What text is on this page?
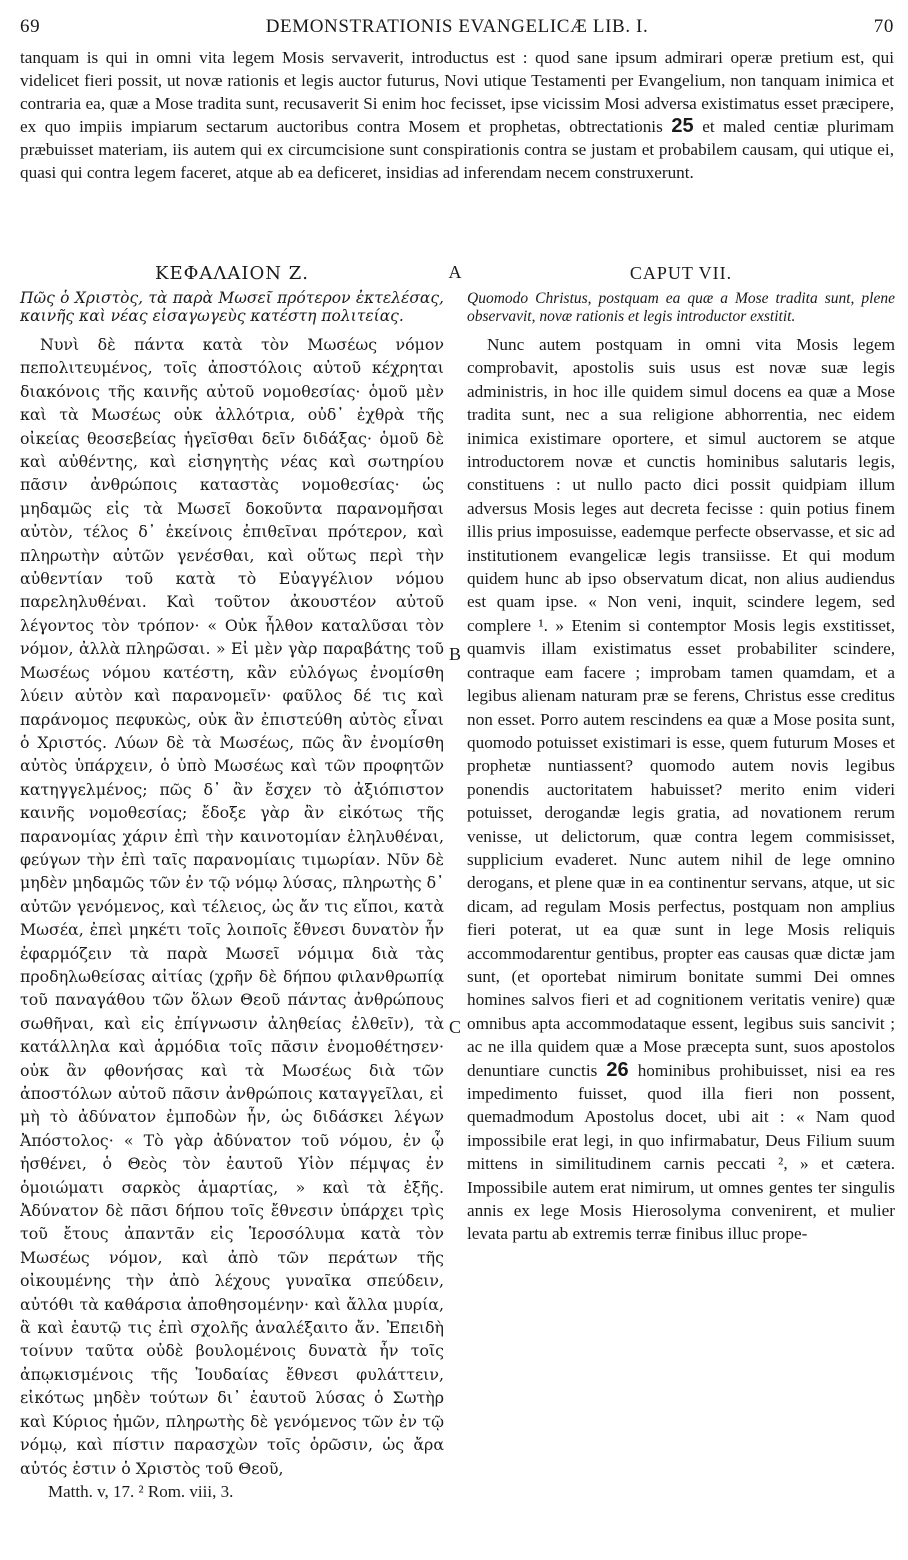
69	DEMONSTRATIONIS EVANGELICÆ LIB. I.	70

tanquam is qui in omni vita legem Mosis servaverit, introductus est : quod sane ipsum admirari operæ pretium est, qui videlicet fieri possit, ut novæ rationis et legis auctor futurus, Novi utique Testamenti per Evangelium, non tanquam inimica et contraria ea, quæ a Mose tradita sunt, recusaverit Si enim hoc fecisset, ipse vicissim Mosi adversa existimatus esset præcipere, ex quo impiis impiarum sectarum auctoribus contra Mosem et prophetas, obtrectationis 25 et maled centiæ plurimam præbuisset materiam, iis autem qui ex circumcisione sunt conspirationis contra se justam et probabilem causam, qui utique ei, quasi qui contra legem faceret, atque ab ea deficeret, insidias ad inferendam necem construxerunt.

ΚΕΦΑΛΑΙΟΝ Ζ.
Πῶς ὁ Χριστὸς, τὰ παρὰ Μωσεῖ πρότερον ἐκτελέσας, καινῆς καὶ νέας εἰσαγωγεὺς κατέστη πολιτείας.

Νυνὶ δὲ πάντα κατὰ τὸν Μωσέως νόμον πεπολιτευμένος, τοῖς ἀποστόλοις αὐτοῦ κέχρηται διακόνοις τῆς καινῆς αὐτοῦ νομοθεσίας· ὁμοῦ μὲν καὶ τὰ Μωσέως οὐκ ἀλλότρια, οὐδ᾽ ἐχθρὰ τῆς οἰκείας θεοσεβείας ἡγεῖσθαι δεῖν διδάξας· ὁμοῦ δὲ καὶ αὐθέντης, καὶ εἰσηγητὴς νέας καὶ σωτηρίου πᾶσιν ἀνθρώποις καταστὰς νομοθεσίας· ὡς μηδαμῶς εἰς τὰ Μωσεῖ δοκοῦντα παρανομῆσαι αὐτὸν, τέλος δ᾽ ἐκείνοις ἐπιθεῖναι πρότερον, καὶ πληρωτὴν αὐτῶν γενέσθαι, καὶ οὕτως περὶ τὴν αὐθεντίαν τοῦ κατὰ τὸ Εὐαγγέλιον νόμου παρεληλυθέναι. Καὶ τοῦτον ἀκουστέον αὐτοῦ λέγοντος τὸν τρόπον· « Οὐκ ἦλθον καταλῦσαι τὸν νόμον, ἀλλὰ πληρῶσαι. » Εἰ μὲν γὰρ παραβάτης τοῦ Μωσέως νόμου κατέστη, κἂν εὐλόγως ἐνομίσθη λύειν αὐτὸν καὶ παρανομεῖν· φαῦλος δέ τις καὶ παράνομος πεφυκὼς, οὐκ ἂν ἐπιστεύθη αὐτὸς εἶναι ὁ Χριστός. Λύων δὲ τὰ Μωσέως, πῶς ἂν ἐνομίσθη αὐτὸς ὑπάρχειν, ὁ ὑπὸ Μωσέως καὶ τῶν προφητῶν κατηγγελμένος; πῶς δ᾽ ἂν ἔσχεν τὸ ἀξιόπιστον καινῆς νομοθεσίας; ἔδοξε γὰρ ἂν εἰκότως τῆς παρανομίας χάριν ἐπὶ τὴν καινοτομίαν ἐληλυθέναι, φεύγων τὴν ἐπὶ ταῖς παρανομίαις τιμωρίαν. Νῦν δὲ μηδὲν μηδαμῶς τῶν ἐν τῷ νόμῳ λύσας, πληρωτὴς δ᾽ αὐτῶν γενόμενος, καὶ τέλειος, ὡς ἄν τις εἴποι, κατὰ Μωσέα, ἐπεὶ μηκέτι τοῖς λοιποῖς ἔθνεσι δυνατὸν ἦν ἐφαρμόζειν τὰ παρὰ Μωσεῖ νόμιμα διὰ τὰς προδηλωθείσας αἰτίας (χρῆν δὲ δήπου φιλανθρωπίᾳ τοῦ παναγάθου τῶν ὅλων Θεοῦ πάντας ἀνθρώπους σωθῆναι, καὶ εἰς ἐπίγνωσιν ἀληθείας ἐλθεῖν), τὰ κατάλληλα καὶ ἁρμόδια τοῖς πᾶσιν ἐνομοθέτησεν· οὐκ ἂν φθονήσας καὶ τὰ Μωσέως διὰ τῶν ἀποστόλων αὐτοῦ πᾶσιν ἀνθρώποις καταγγεῖλαι, εἰ μὴ τὸ ἀδύνατον ἐμποδὼν ἦν, ὡς διδάσκει λέγων Ἀπόστολος· « Τὸ γὰρ ἀδύνατον τοῦ νόμου, ἐν ᾧ ἠσθένει, ὁ Θεὸς τὸν ἑαυτοῦ Υἱὸν πέμψας ἐν ὁμοιώματι σαρκὸς ἁμαρτίας, » καὶ τὰ ἑξῆς. Ἀδύνατον δὲ πᾶσι δήπου τοῖς ἔθνεσιν ὑπάρχει τρὶς τοῦ ἔτους ἀπαντᾶν εἰς Ἱεροσόλυμα κατὰ τὸν Μωσέως νόμον, καὶ ἀπὸ τῶν περάτων τῆς οἰκουμένης τὴν ἀπὸ λέχους γυναῖκα σπεύδειν, αὐτόθι τὰ καθάρσια ἀποθησομένην· καὶ ἄλλα μυρία, ἃ καὶ ἑαυτῷ τις ἐπὶ σχολῆς ἀναλέξαιτο ἄν. Ἐπειδὴ τοίνυν ταῦτα οὐδὲ βουλομένοις δυνατὰ ἦν τοῖς ἀπῳκισμένοις τῆς Ἰουδαίας ἔθνεσι φυλάττειν, εἰκότως μηδὲν τούτων δι᾽ ἑαυτοῦ λύσας ὁ Σωτὴρ καὶ Κύριος ἡμῶν, πληρωτὴς δὲ γενόμενος τῶν ἐν τῷ νόμῳ, καὶ πίστιν παρασχὼν τοῖς ὁρῶσιν, ὡς ἄρα αὐτός ἐστιν ὁ Χριστὸς τοῦ Θεοῦ,

A
B
C
CAPUT VII.
Quomodo Christus, postquam ea quæ a Mose tradita sunt, plene observavit, novæ rationis et legis introductor exstitit.

Nunc autem postquam in omni vita Mosis legem comprobavit, apostolis suis usus est novæ suæ legis administris, in hoc ille quidem simul docens ea quæ a Mose tradita sunt, nec a sua religione abhorrentia, nec eidem inimica existimare oportere, et simul auctorem se atque introductorem novæ et cunctis hominibus salutaris legis, constituens : ut nullo pacto dici possit quidpiam illum adversus Mosis leges aut decreta fecisse : quin potius finem illis prius imposuisse, eademque perfecte observasse, et sic ad institutionem evangelicæ legis transiisse. Et qui modum quidem hunc ab ipso observatum dicat, non alius audiendus est quam ipse. « Non veni, inquit, scindere legem, sed complere ¹. » Etenim si contemptor Mosis legis exstitisset, quamvis illam existimatus esset probabiliter scindere, contraque eam facere ; improbam tamen quamdam, et a legibus alienam naturam præ se ferens, Christus esse creditus non esset. Porro autem rescindens ea quæ a Mose posita sunt, quomodo potuisset existimari is esse, quem futurum Moses et prophetæ nuntiassent? quomodo autem novis legibus ponendis auctoritatem habuisset? merito enim videri potuisset, derogandæ legis gratia, ad novationem rerum venisse, ut delictorum, quæ contra legem commisisset, supplicium evaderet. Nunc autem nihil de lege omnino derogans, et plene quæ in ea continentur servans, atque, ut sic dicam, ad regulam Mosis perfectus, postquam non amplius fieri poterat, ut ea quæ sunt in lege Mosis reliquis accommodarentur gentibus, propter eas causas quæ dictæ jam sunt, (et oportebat nimirum bonitate summi Dei omnes homines salvos fieri et ad cognitionem veritatis venire) quæ omnibus apta accommodataque essent, legibus suis sancivit ; ac ne illa quidem quæ a Mose præcepta sunt, suos apostolos denuntiare cunctis 26 hominibus prohibuisset, nisi ea res impedimento fuisset, quod illa fieri non possent, quemadmodum Apostolus docet, ubi ait : « Nam quod impossibile erat legi, in quo infirmabatur, Deus Filium suum mittens in similitudinem carnis peccati ², » et cætera. Impossibile autem erat nimirum, ut omnes gentes ter singulis annis ex lege Mosis Hierosolyma convenirent, et mulier levata partu ab extremis terræ finibus illuc prope-

Matth. v, 17. ² Rom. viii, 3.
